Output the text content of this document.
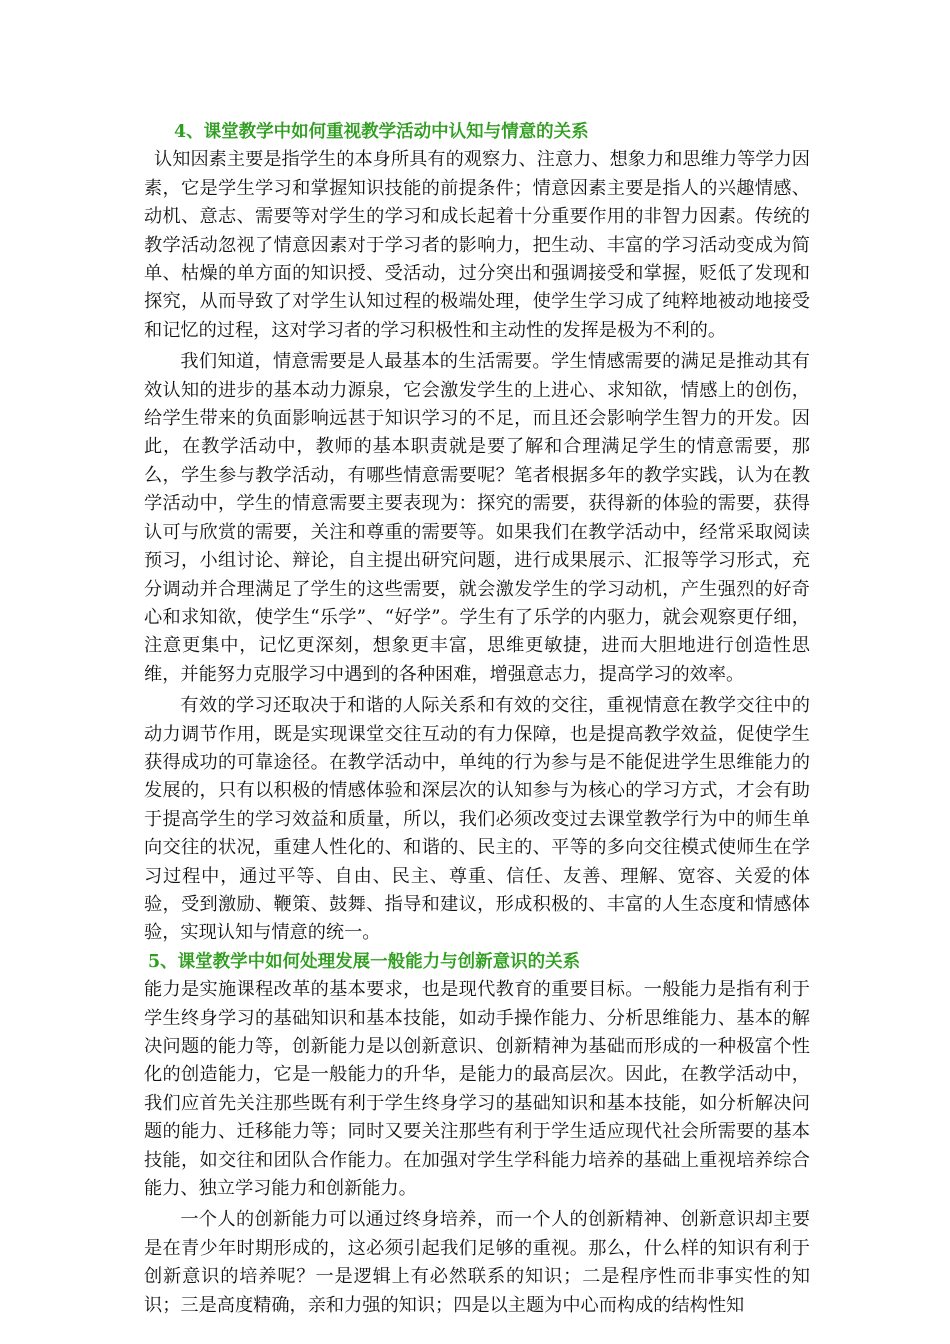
4、课堂教学中如何重视教学活动中认知与情意的关系

认知因素主要是指学生的本身所具有的观察力、注意力、想象力和思维力等学力因素，它是学生学习和掌握知识技能的前提条件；情意因素主要是指人的兴趣情感、动机、意志、需要等对学生的学习和成长起着十分重要作用的非智力因素。传统的教学活动忽视了情意因素对于学习者的影响力，把生动、丰富的学习活动变成为简单、枯燥的单方面的知识授、受活动，过分突出和强调接受和掌握，贬低了发现和探究，从而导致了对学生认知过程的极端处理，使学生学习成了纯粹地被动地接受和记忆的过程，这对学习者的学习积极性和主动性的发挥是极为不利的。

我们知道，情意需要是人最基本的生活需要。学生情感需要的满足是推动其有效认知的进步的基本动力源泉，它会激发学生的上进心、求知欲，情感上的创伤，给学生带来的负面影响远甚于知识学习的不足，而且还会影响学生智力的开发。因此，在教学活动中，教师的基本职责就是要了解和合理满足学生的情意需要，那么，学生参与教学活动，有哪些情意需要呢？笔者根据多年的教学实践，认为在教学活动中，学生的情意需要主要表现为：探究的需要，获得新的体验的需要，获得认可与欣赏的需要，关注和尊重的需要等。如果我们在教学活动中，经常采取阅读预习，小组讨论、辩论，自主提出研究问题，进行成果展示、汇报等学习形式，充分调动并合理满足了学生的这些需要，就会激发学生的学习动机，产生强烈的好奇心和求知欲，使学生“乐学”、“好学”。学生有了乐学的内驱力，就会观察更仔细，注意更集中，记忆更深刻，想象更丰富，思维更敏捷，进而大胆地进行创造性思维，并能努力克服学习中遇到的各种困难，增强意志力，提高学习的效率。

有效的学习还取决于和谐的人际关系和有效的交往，重视情意在教学交往中的动力调节作用，既是实现课堂交往互动的有力保障，也是提高教学效益，促使学生获得成功的可靠途径。在教学活动中，单纯的行为参与是不能促进学生思维能力的发展的，只有以积极的情感体验和深层次的认知参与为核心的学习方式，才会有助于提高学生的学习效益和质量，所以，我们必须改变过去课堂教学行为中的师生单向交往的状况，重建人性化的、和谐的、民主的、平等的多向交往模式使师生在学习过程中，通过平等、自由、民主、尊重、信任、友善、理解、宽容、关爱的体验，受到激励、鞭策、鼓舞、指导和建议，形成积极的、丰富的人生态度和情感体验，实现认知与情意的统一。

5、课堂教学中如何处理发展一般能力与创新意识的关系

能力是实施课程改革的基本要求，也是现代教育的重要目标。一般能力是指有利于学生终身学习的基础知识和基本技能，如动手操作能力、分析思维能力、基本的解决问题的能力等，创新能力是以创新意识、创新精神为基础而形成的一种极富个性化的创造能力，它是一般能力的升华，是能力的最高层次。因此，在教学活动中，我们应首先关注那些既有利于学生终身学习的基础知识和基本技能，如分析解决问题的能力、迁移能力等；同时又要关注那些有利于学生适应现代社会所需要的基本技能，如交往和团队合作能力。在加强对学生学科能力培养的基础上重视培养综合能力、独立学习能力和创新能力。

一个人的创新能力可以通过终身培养，而一个人的创新精神、创新意识却主要是在青少年时期形成的，这必须引起我们足够的重视。那么，什么样的知识有利于创新意识的培养呢？一是逻辑上有必然联系的知识；二是程序性而非事实性的知识；三是高度精确，亲和力强的知识；四是以主题为中心而构成的结构性知
